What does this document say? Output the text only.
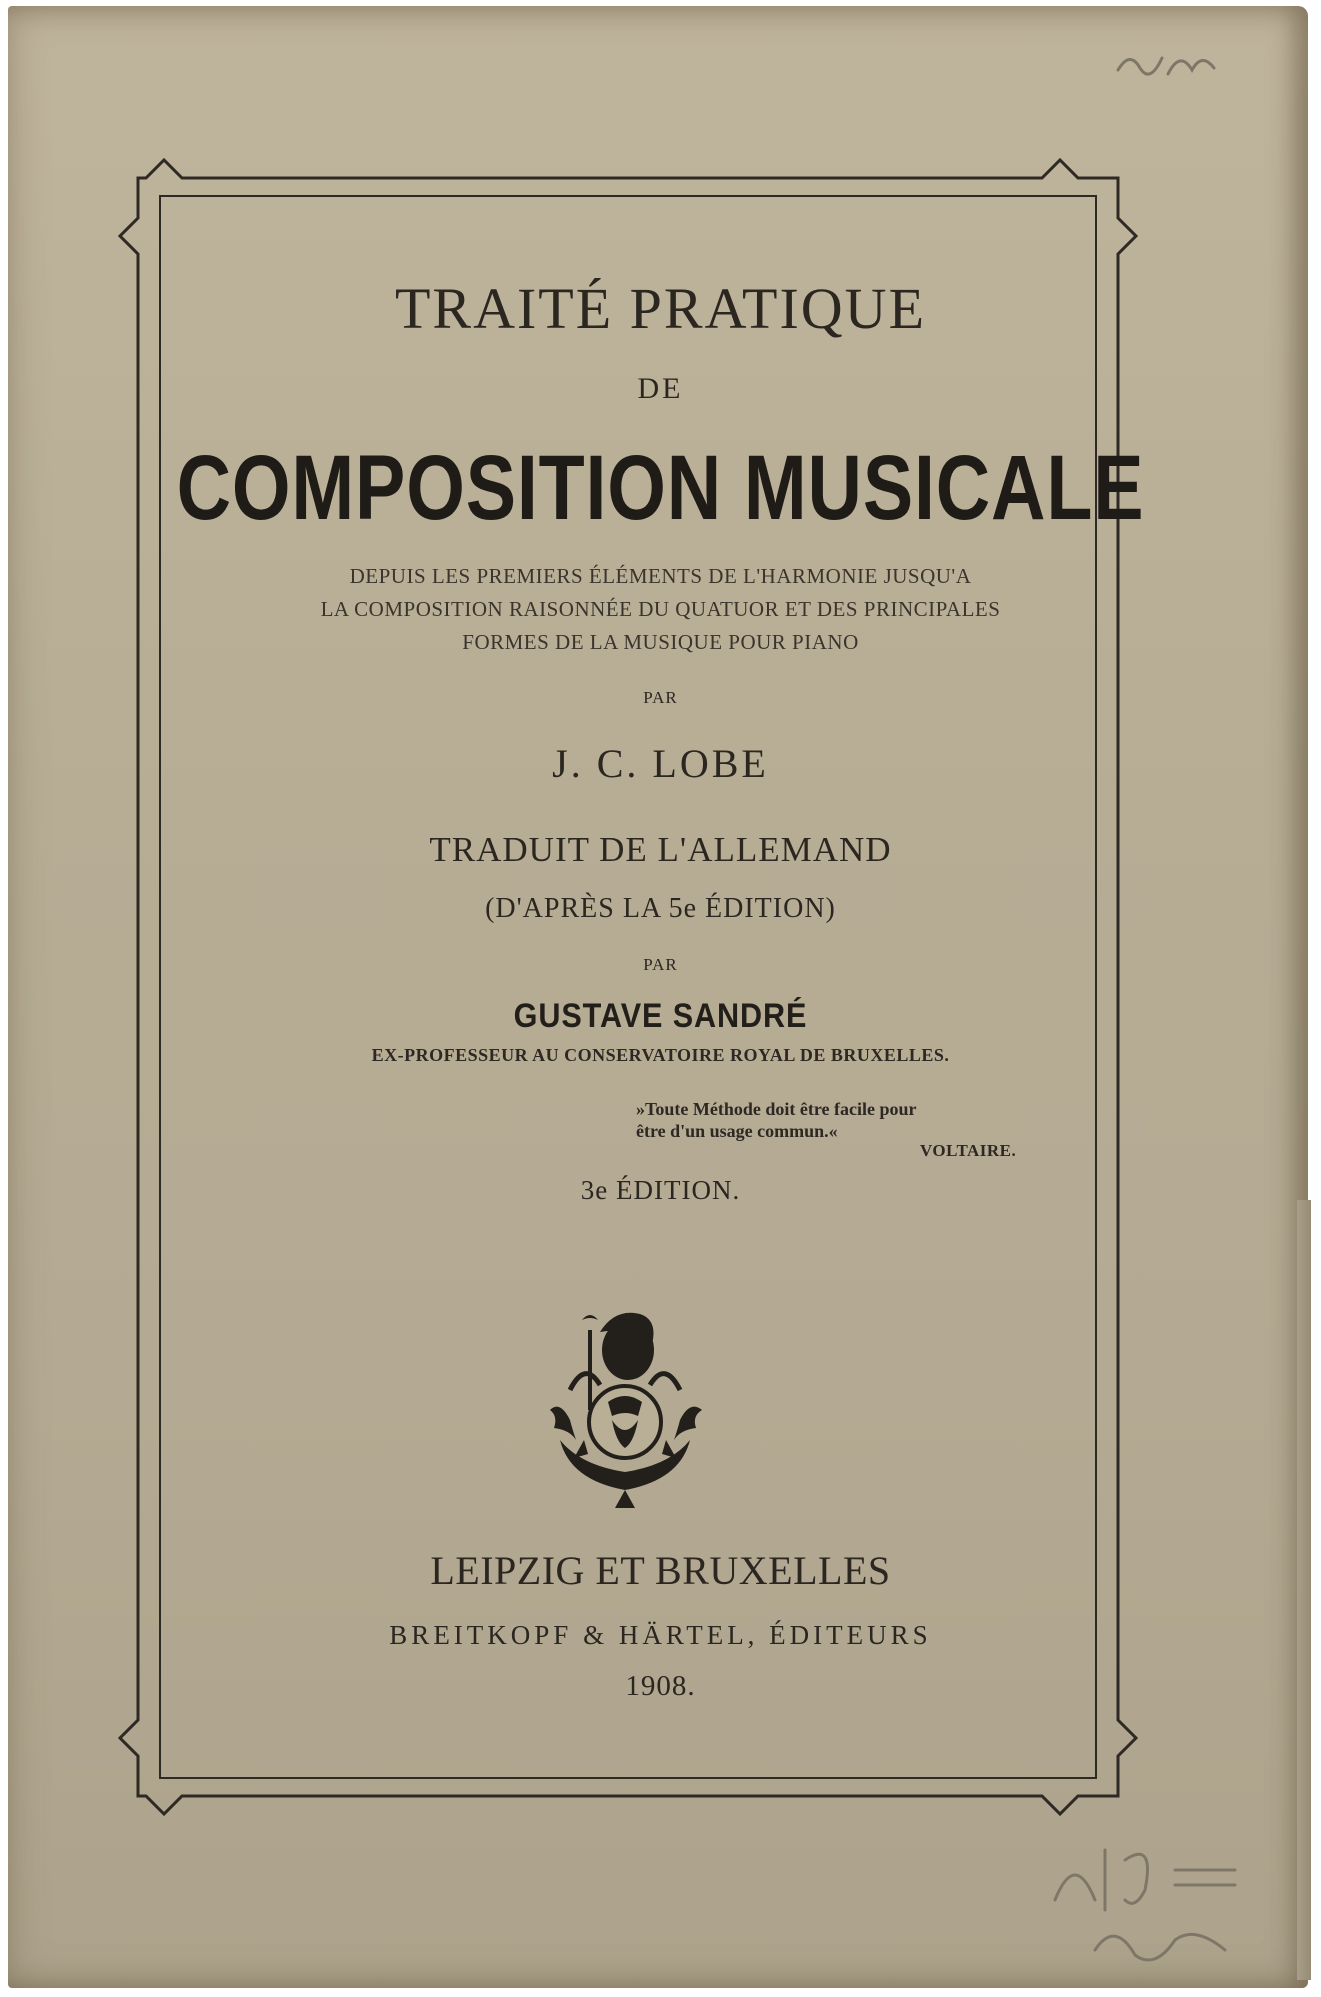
TRAITÉ PRATIQUE
DE
COMPOSITION MUSICALE
DEPUIS LES PREMIERS ÉLÉMENTS DE L'HARMONIE JUSQU'A
LA COMPOSITION RAISONNÉE DU QUATUOR ET DES PRINCIPALES
FORMES DE LA MUSIQUE POUR PIANO
PAR
J. C. LOBE
TRADUIT DE L'ALLEMAND
(D'APRÈS LA 5e ÉDITION)
PAR
GUSTAVE SANDRÉ
EX-PROFESSEUR AU CONSERVATOIRE ROYAL DE BRUXELLES.
»Toute Méthode doit être facile pour
être d'un usage commun.«
VOLTAIRE.
3e ÉDITION.
LEIPZIG ET BRUXELLES
BREITKOPF & HÄRTEL, ÉDITEURS
1908.
